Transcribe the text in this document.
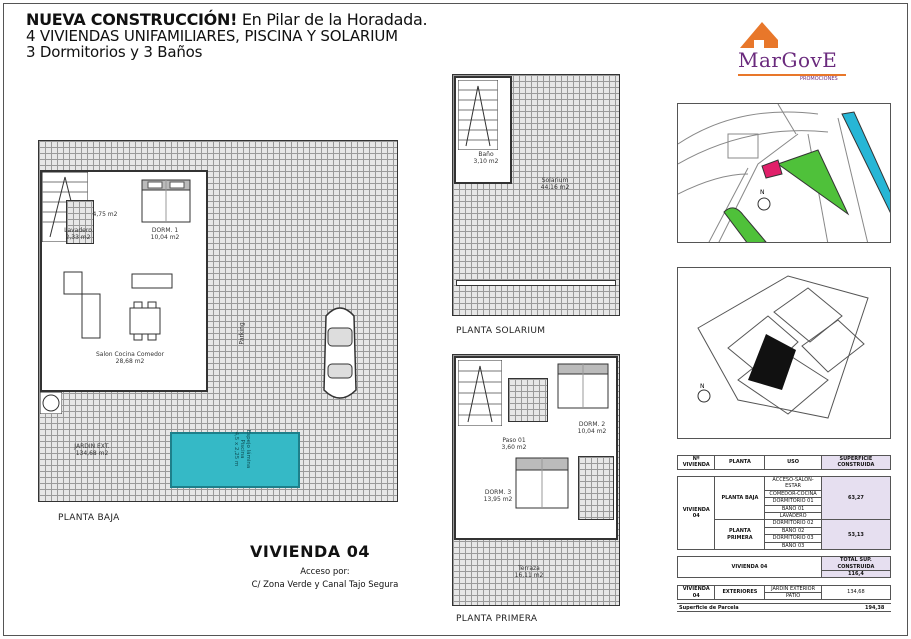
NUEVA CONSTRUCCIÓN! En Pilar de la Horadada.
4 VIVIENDAS UNIFAMILIARES, PISCINA Y SOLARIUM
3 Dormitorios y 3 Baños	MarGovE
PROMOCIONES
Lavadero
2,33 m2
4,75 m2
DORM. 1
10,04 m2
Salon Cocina Comedor
28,68 m2
Parking
Espejo lámina
Piscina
4,5 x 2,25 m
JARDIN EXT.
134,68 m2
PLANTA BAJA
Baño
3,10 m2
Solarium
44,16 m2
PLANTA SOLARIUM
DORM. 2
10,04 m2
Paso 01
3,60 m2
DORM. 3
13,95 m2
Terraza
16,11 m2
PLANTA PRIMERA
VIVIENDA 04
Acceso por:
C/ Zona Verde y Canal Tajo Segura
N
N
Nº VIVIENDA	PLANTA	USO	SUPERFICIE CONSTRUIDA

VIVIENDA 04	PLANTA BAJA	ACCESO-SALON-ESTAR	63,27
		COMEDOR-COCINA	
		DORMITORIO 01	
		BAÑO 01	
		LAVADERO	
	PLANTA PRIMERA	DORMITORIO 02	53,13
		BAÑO 02	
		DORMITORIO 03	
		BAÑO 03	

VIVIENDA 04			TOTAL SUP. CONSTRUIDA
			116,4

VIVIENDA 04	EXTERIORES	JARDIN EXTERIOR	134,68
		PATIO	
Superficie de Parcela	194,38
